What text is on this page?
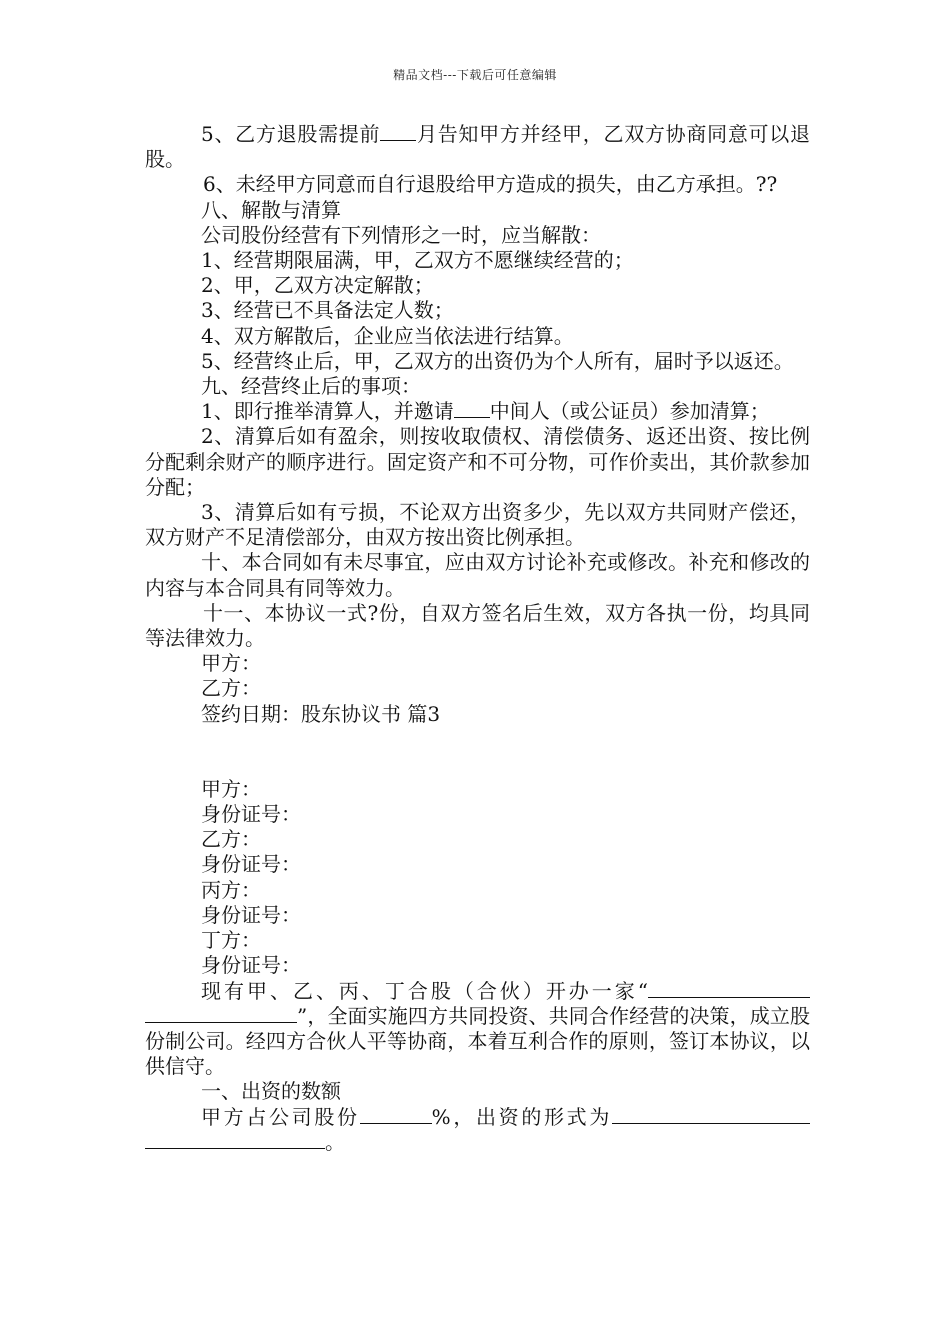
精品文档---下载后可任意编辑

5、乙方退股需提前 月告知甲方并经甲，乙双方协商同意可以退股。

6、未经甲方同意而自行退股给甲方造成的损失，由乙方承担。??

八、解散与清算

公司股份经营有下列情形之一时，应当解散：

1、经营期限届满，甲，乙双方不愿继续经营的；

2、甲，乙双方决定解散；

3、经营已不具备法定人数；

4、双方解散后，企业应当依法进行结算。

5、经营终止后，甲，乙双方的出资仍为个人所有，届时予以返还。

九、经营终止后的事项：

1、即行推举清算人，并邀请 中间人（或公证员）参加清算；

2、清算后如有盈余，则按收取债权、清偿债务、返还出资、按比例分配剩余财产的顺序进行。固定资产和不可分物，可作价卖出，其价款参加分配；

3、清算后如有亏损，不论双方出资多少，先以双方共同财产偿还，双方财产不足清偿部分，由双方按出资比例承担。

十、本合同如有未尽事宜，应由双方讨论补充或修改。补充和修改的内容与本合同具有同等效力。

十一、本协议一式?份，自双方签名后生效，双方各执一份，均具同等法律效力。

甲方：

乙方：

签约日期：股东协议书 篇3

甲方：

身份证号：

乙方：

身份证号：

丙方：

身份证号：

丁方：

身份证号：

现有甲、乙、丙、丁合股（合伙）开办一家“”，全面实施四方共同投资、共同合作经营的决策，成立股份制公司。经四方合伙人平等协商，本着互利合作的原则，签订本协议，以供信守。

一、出资的数额

甲方占公司股份	%，出资的形式为。
